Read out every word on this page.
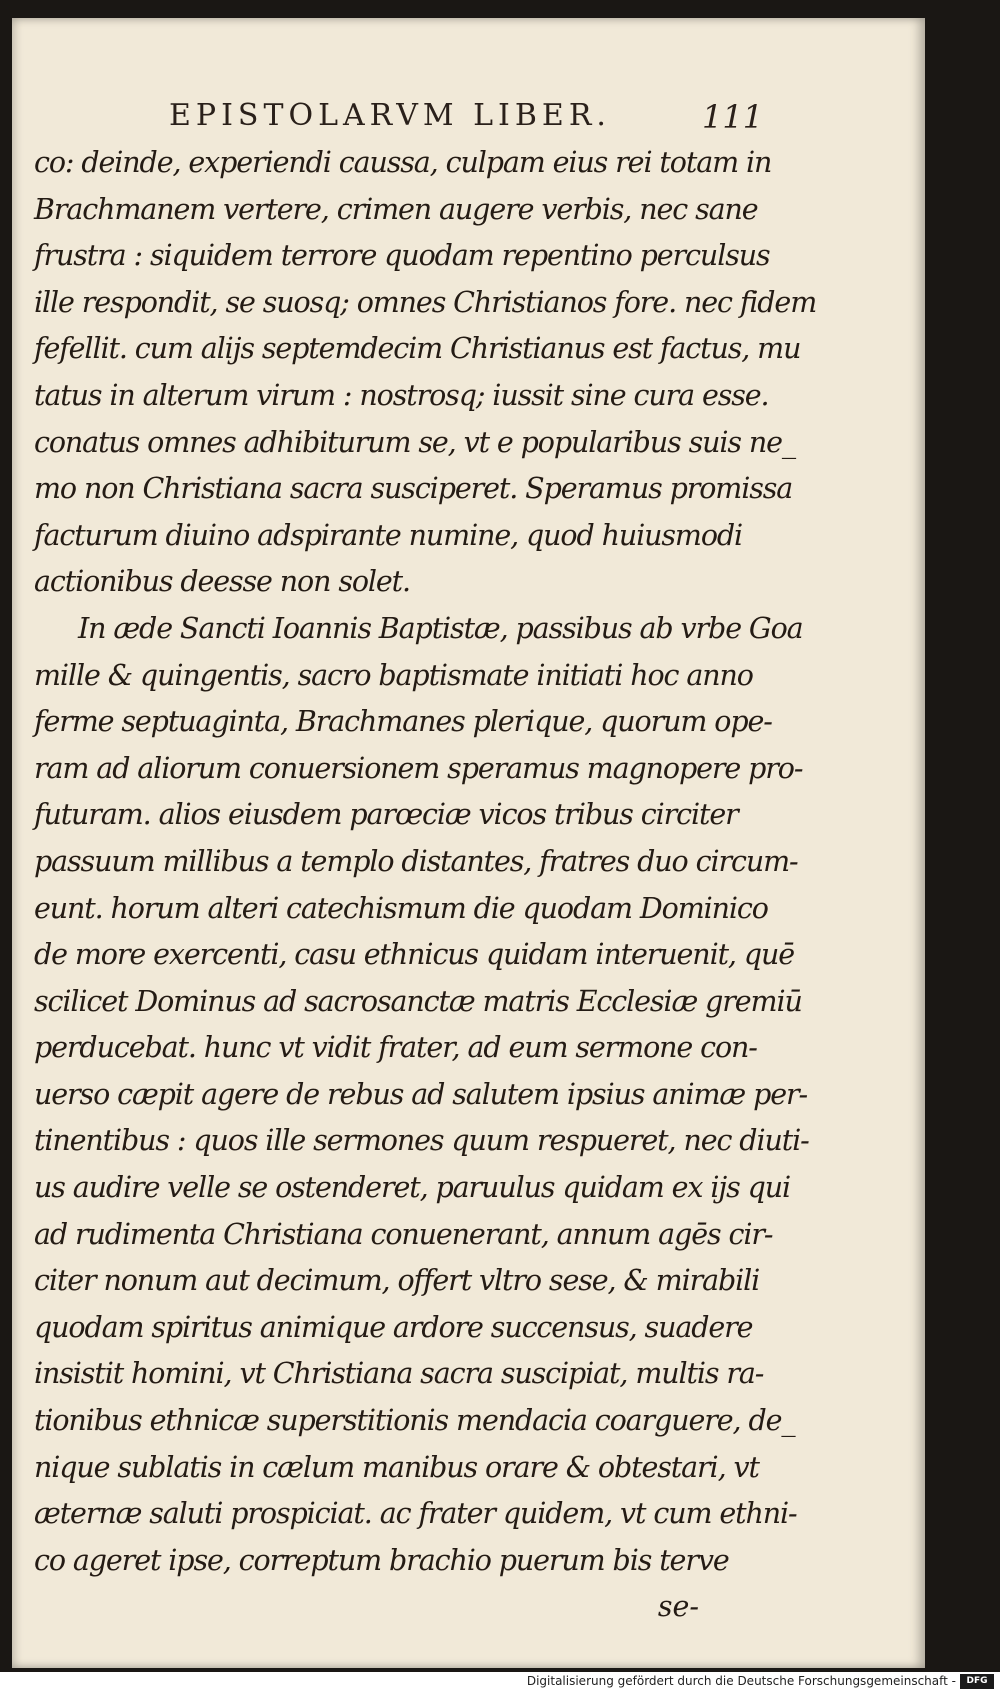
EPISTOLARVM LIBER.	111
co: deinde, experiendi caussa, culpam eius rei totam in
Brachmanem vertere, crimen augere verbis, nec sane
frustra : siquidem terrore quodam repentino perculsus
ille respondit, se suosq; omnes Christianos fore. nec fidem
fefellit. cum alijs septemdecim Christianus est factus, mu
tatus in alterum virum : nostrosq; iussit sine cura esse.
conatus omnes adhibiturum se, vt e popularibus suis ne_
mo non Christiana sacra susciperet. Speramus promissa
facturum diuino adspirante numine, quod huiusmodi
actionibus deesse non solet.
In æde Sancti Ioannis Baptistæ, passibus ab vrbe Goa
mille & quingentis, sacro baptismate initiati hoc anno
ferme septuaginta, Brachmanes plerique, quorum ope-
ram ad aliorum conuersionem speramus magnopere pro-
futuram. alios eiusdem parœciæ vicos tribus circiter
passuum millibus a templo distantes, fratres duo circum-
eunt. horum alteri catechismum die quodam Dominico
de more exercenti, casu ethnicus quidam interuenit, quē
scilicet Dominus ad sacrosanctæ matris Ecclesiæ gremiū
perducebat. hunc vt vidit frater, ad eum sermone con-
uerso cæpit agere de rebus ad salutem ipsius animæ per-
tinentibus : quos ille sermones quum respueret, nec diuti-
us audire velle se ostenderet, paruulus quidam ex ijs qui
ad rudimenta Christiana conuenerant, annum agēs cir-
citer nonum aut decimum, offert vltro sese, & mirabili
quodam spiritus animique ardore succensus, suadere
insistit homini, vt Christiana sacra suscipiat, multis ra-
tionibus ethnicæ superstitionis mendacia coarguere, de_
nique sublatis in cælum manibus orare & obtestari, vt
æternæ saluti prospiciat. ac frater quidem, vt cum ethni-
co ageret ipse, correptum brachio puerum bis terve
se-
Digitalisierung gefördert durch die Deutsche Forschungsgemeinschaft -	DFG
